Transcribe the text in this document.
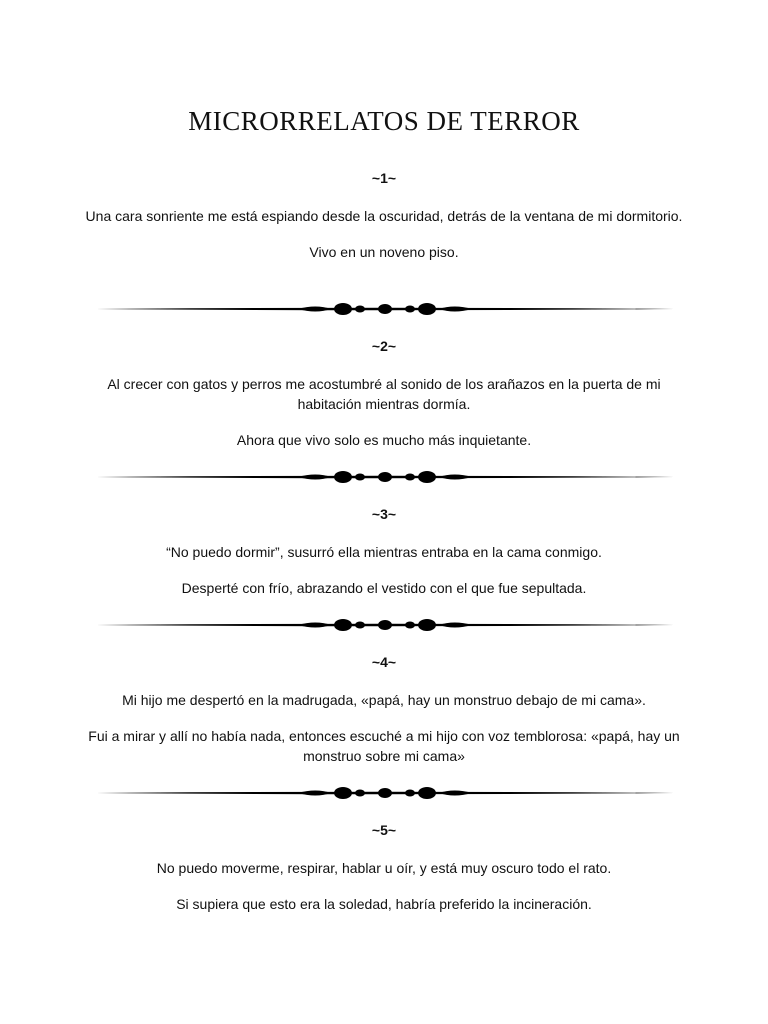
MICRORRELATOS DE TERROR

~1~

Una cara sonriente me está espiando desde la oscuridad, detrás de la ventana de mi dormitorio.

Vivo en un noveno piso.

~2~

Al crecer con gatos y perros me acostumbré al sonido de los arañazos en la puerta de mi habitación mientras dormía.

Ahora que vivo solo es mucho más inquietante.

~3~

“No puedo dormir”, susurró ella mientras entraba en la cama conmigo.

Desperté con frío, abrazando el vestido con el que fue sepultada.

~4~

Mi hijo me despertó en la madrugada, «papá, hay un monstruo debajo de mi cama».

Fui a mirar y allí no había nada, entonces escuché a mi hijo con voz temblorosa: «papá, hay un monstruo sobre mi cama»

~5~

No puedo moverme, respirar, hablar u oír, y está muy oscuro todo el rato.

Si supiera que esto era la soledad, habría preferido la incineración.
